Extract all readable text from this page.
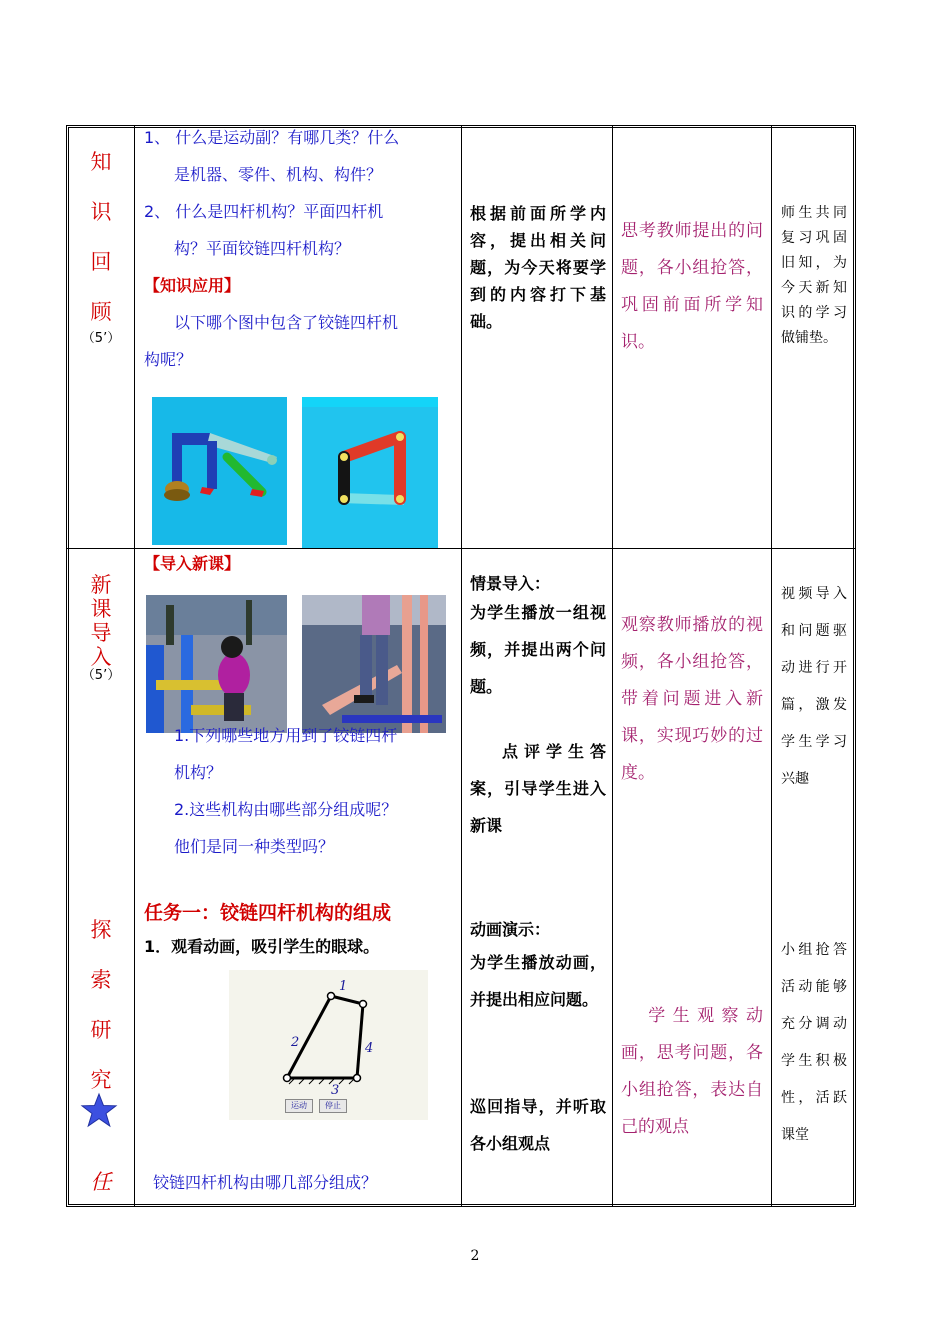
知
识
回
顾
（5’）

1、 什么是运动副？有哪几类？什么

是机器、零件、机构、构件？

2、 什么是四杆机构？平面四杆机

构？平面铰链四杆机构？

【知识应用】

以下哪个图中包含了铰链四杆机

构呢？

根据前面所学内容，提出相关问题，为今天将要学到的内容打下基础。

思考教师提出的问题，各小组抢答，巩固前面所学知识。
师生共同复习巩固旧知，为今天新知识的学习做铺垫。
新
课
导
入
（5’）

【导入新课】

1.下列哪些地方用到了铰链四杆

机构？

2.这些机构由哪些部分组成呢？

他们是同一种类型吗？

情景导入：
为学生播放一组视频，并提出两个问题。
点评学生答案，引导学生进入新课
观察教师播放的视频，各小组抢答，带着问题进入新课，实现巧妙的过度。
视频导入和问题驱动进行开篇，激发学生学习兴趣
探
索
研
究
任

任务一：铰链四杆机构的组成

1．观看动画，吸引学生的眼球。

1
2
3
4
运动	停止

铰链四杆机构由哪几部分组成？

动画演示：
为学生播放动画，并提出相应问题。
巡回指导，并听取各小组观点
学生观察动画，思考问题，各小组抢答，表达自己的观点
小组抢答活动能够充分调动学生积极性，活跃课堂
2
